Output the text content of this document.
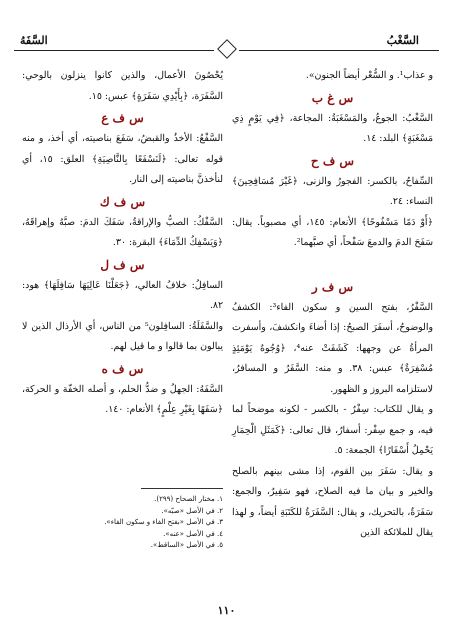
السَّغْبُ
السَّفَهُ
و عذاب¹. و السُّعْر أيضاً الجنون».
س غ ب
السَّغْبُ: الجوعُ، والمَسْغَبَةُ: المجاعة، ﴿فِي يَوْمٍ ذِي مَسْغَبَةٍ﴾ البلد: ١٤.
س ف ح
السِّفاحُ، بالكسر: الفجورُ والزنى، ﴿غَيْرَ مُسَافِحِينَ﴾ النساء: ٢٤.
﴿أَوْ دَمًا مَسْفُوحًا﴾ الأنعام: ١٤٥، أي مصبوباً. يقال: سَفَحَ الدمَ والدمعَ سَفْحاً، أي صبَّهما².
س ف ر
السَّفْرُ، بفتح السين و سكون الفاء³: الكشفُ والوضوحُ، أسفَرَ الصبحُ: إذا أضاءَ وانكشفَ، وأسفرت المرأةُ عن وجهها: كَشَفَتْ عنه⁴، ﴿وُجُوهٌ يَوْمَئِذٍ مُسْفِرَةٌ﴾ عبس: ٣٨. و منه: السَّفَرُ و المسافرُ، لاستلزامه البروز و الظهور.
و يقال للكتاب: سِفْرٌ - بالكسر - لكونه موضحاً لما فيه، و جمع سِفْر: أسفارٌ، قال تعالى: ﴿كَمَثَلِ الْحِمَارِ يَحْمِلُ أَسْفَارًا﴾ الجمعة: ٥.
و يقال: سَفَرَ بين القوم، إذا مشى بينهم بالصلح والخير و بيان ما فيه الصلاح، فهو سَفِيرٌ، والجمع: سَفَرَةٌ، بالتحريك، و يقال: السَّفَرَةُ للكَتَبَةِ أيضاً، و لهذا يقال للملائكة الذين
يُحْصُونَ الأعمال، والذين كانوا ينزلون بالوحي: السَّفَرَة، ﴿بِأَيْدِي سَفَرَةٍ﴾ عبس: ١٥.
س ف ع
السَّفْعُ: الأخذُ والقبضُ، سَفَعَ بناصيته، أي أخذ، و منه قوله تعالى: ﴿لَنَسْفَعًا بِالنَّاصِيَةِ﴾ العلق: ١٥، أي لنأخذنَّ بناصيته إلى النار.
س ف ك
السَّفْكُ: الصبُّ والإراقةُ، سَفَكَ الدمَ: صبَّهُ وإهراقَهُ، ﴿وَيَسْفِكُ الدِّمَاءَ﴾ البقرة: ٣٠.
س ف ل
السافِلُ: خلافُ العالي، ﴿جَعَلْنَا عَالِيَهَا سَافِلَهَا﴾ هود: ٨٢.
والسَّفَلَةُ: السافِلون⁵ من الناس، أي الأرذال الذين لا يبالون بما قالوا و ما قيل لهم.
س ف ه
السَّفَهُ: الجهلُ و ضدُّ الحلم، و أصله الخفّة و الحركة، ﴿سَفَهًا بِغَيْرِ عِلْمٍ﴾ الأنعام: ١٤٠.
١. مختار الصحاح (٢٩٩).
٢. في الأصل «صبّه».
٣. في الأصل «بفتح الفاء و سكون الفاء».
٤. في الأصل «عنه».
٥. في الأصل «الساقط».
١١٠
